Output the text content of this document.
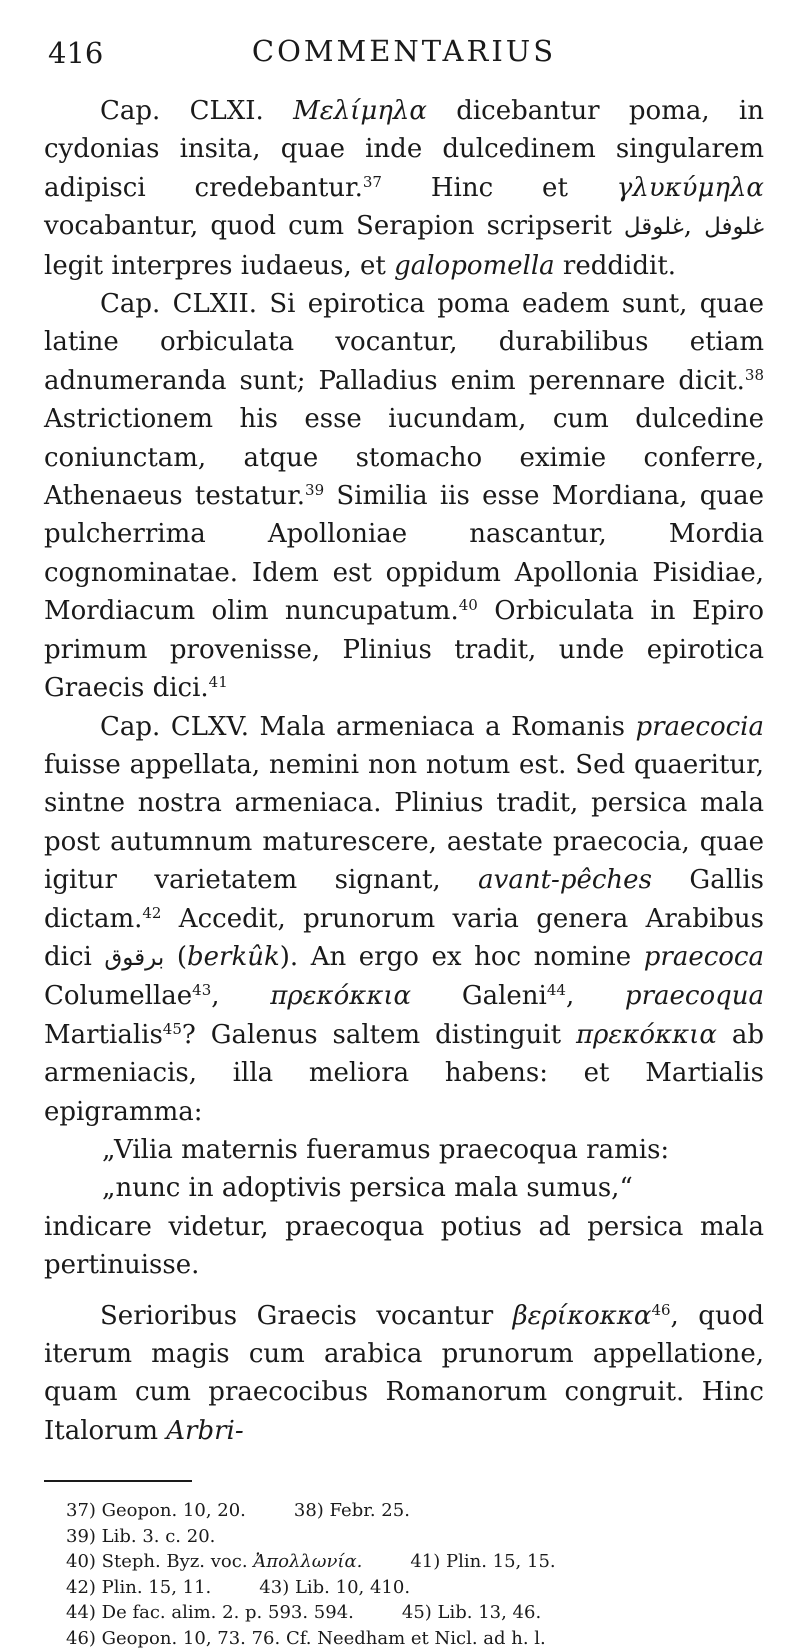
416	COMMENTARIUS

Cap. CLXI. Μελίμηλα dicebantur poma, in cydonias insita, quae inde dulcedinem singularem adipisci credebantur.$^{37}$ Hinc et γλυκύμηλα vocabantur, quod cum Serapion scripserit غلوقل, غلوفل legit interpres iudaeus, et galopomella reddidit.

Cap. CLXII. Si epirotica poma eadem sunt, quae latine orbiculata vocantur, durabilibus etiam adnumeranda sunt; Palladius enim perennare dicit.$^{38}$ Astrictionem his esse iucundam, cum dulcedine coniunctam, atque stomacho eximie conferre, Athenaeus testatur.$^{39}$ Similia iis esse Mordiana, quae pulcherrima Apolloniae nascantur, Mordia cognominatae. Idem est oppidum Apollonia Pisidiae, Mordiacum olim nuncupatum.$^{40}$ Orbiculata in Epiro primum provenisse, Plinius tradit, unde epirotica Graecis dici.$^{41}$

Cap. CLXV. Mala armeniaca a Romanis praecocia fuisse appellata, nemini non notum est. Sed quaeritur, sintne nostra armeniaca. Plinius tradit, persica mala post autumnum maturescere, aestate praecocia, quae igitur varietatem signant, avant-pêches Gallis dictam.$^{42}$ Accedit, prunorum varia genera Arabibus dici برقوق (berkûk). An ergo ex hoc nomine praecoca Columellae$^{43}$, πρεκόκκια Galeni$^{44}$, praecoqua Martialis$^{45}$? Galenus saltem distinguit πρεκόκκια ab armeniacis, illa meliora habens: et Martialis epigramma:

„Vilia maternis fueramus praecoqua ramis:

„nunc in adoptivis persica mala sumus,“

indicare videtur, praecoqua potius ad persica mala pertinuisse.

Serioribus Graecis vocantur βερίκοκκα$^{46}$, quod iterum magis cum arabica prunorum appellatione, quam cum praecocibus Romanorum congruit. Hinc Italorum Arbri-

37) Geopon. 10, 20.	38) Febr. 25.
39) Lib. 3. c. 20.
40) Steph. Byz. voc. Ἀπολλωνία.	41) Plin. 15, 15.
42) Plin. 15, 11.	43) Lib. 10, 410.
44) De fac. alim. 2. p. 593. 594.	45) Lib. 13, 46.
46) Geopon. 10, 73. 76. Cf. Needham et Nicl. ad h. l.
